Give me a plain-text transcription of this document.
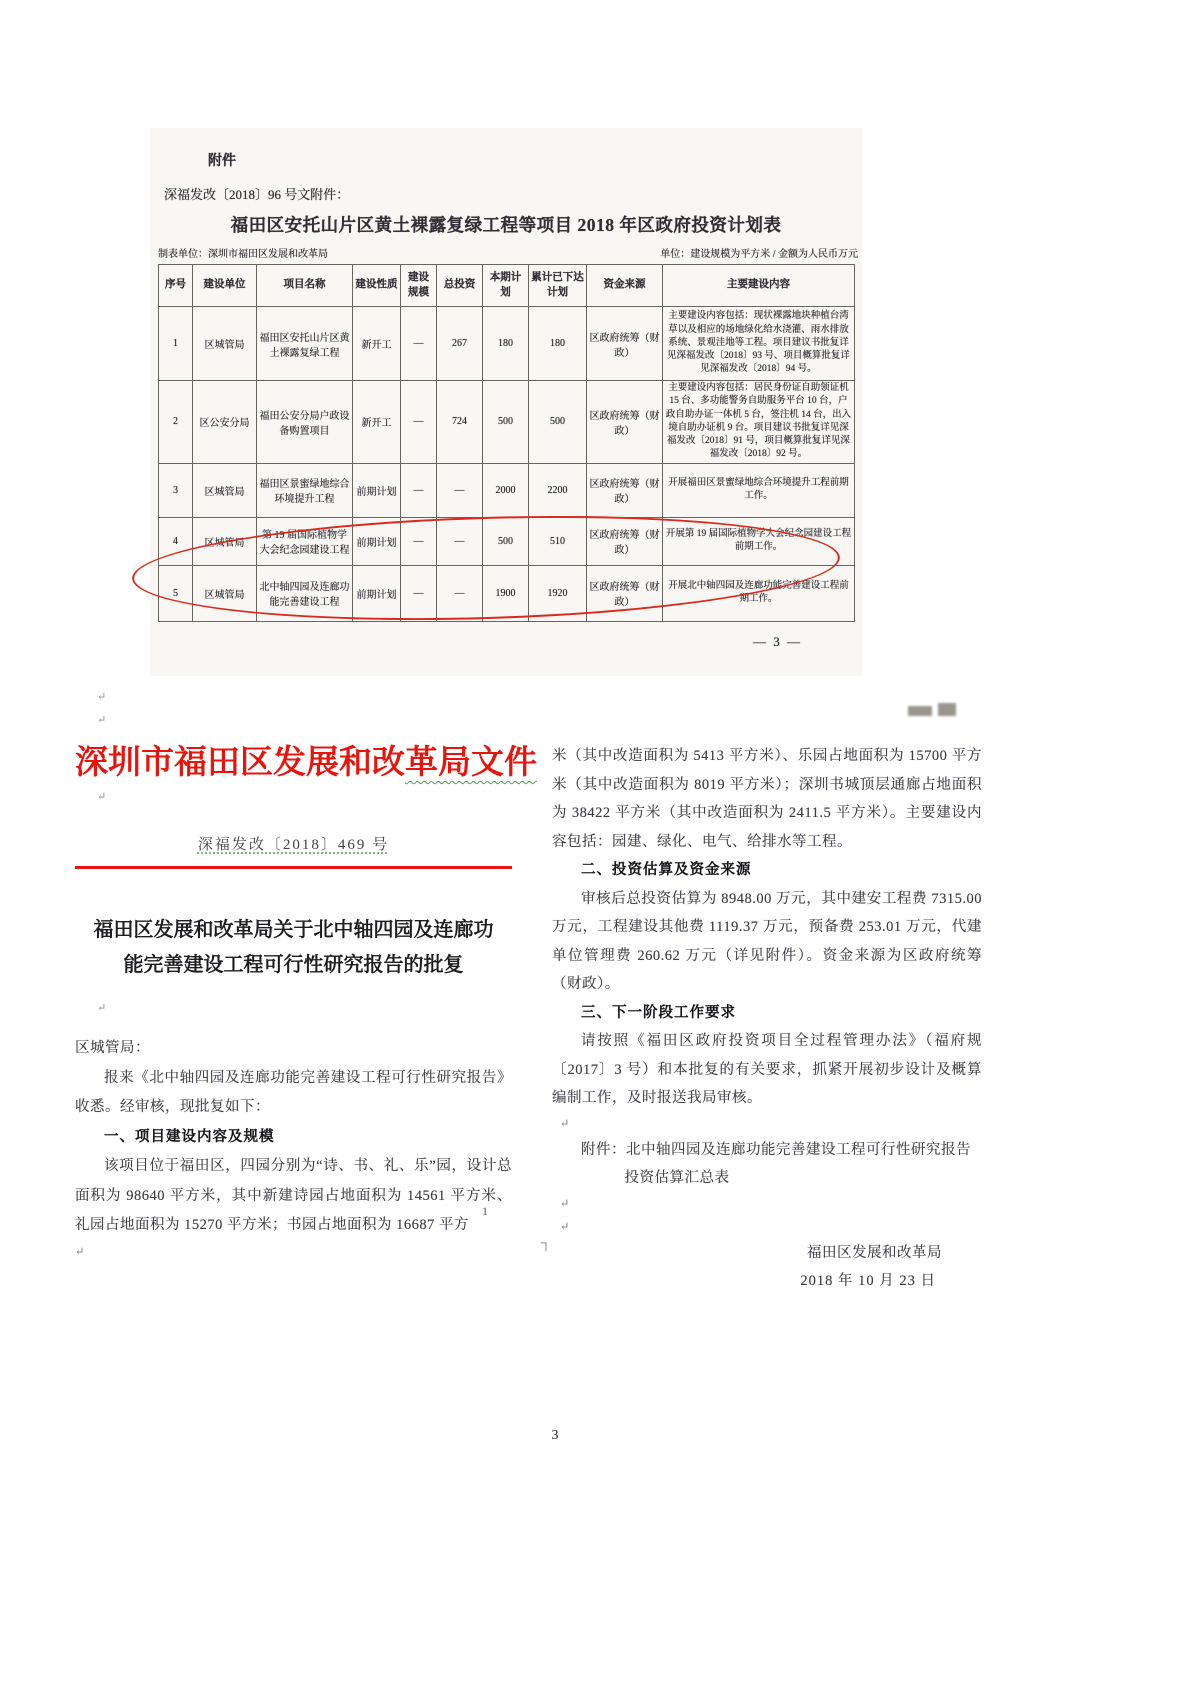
附件
深福发改〔2018〕96 号文附件：
福田区安托山片区黄土裸露复绿工程等项目 2018 年区政府投资计划表
制表单位：深圳市福田区发展和改革局	单位：建设规模为平方米 / 金额为人民币万元
序号	建设单位	项目名称	建设性质	建设规模	总投资	本期计划	累计已下达计划	资金来源	主要建设内容
1	区城管局	福田区安托山片区黄土裸露复绿工程	新开工	—	267	180	180	区政府统筹（财政）	主要建设内容包括：现状裸露地块种植台湾草以及相应的场地绿化给水浇灌、雨水排放系统、景观洼地等工程。项目建议书批复详见深福发改〔2018〕93 号、项目概算批复详见深福发改〔2018〕94 号。
2	区公安分局	福田公安分局户政设备购置项目	新开工	—	724	500	500	区政府统筹（财政）	主要建设内容包括：居民身份证自助领证机 15 台、多功能警务自助服务平台 10 台，户政自助办证一体机 5 台，签注机 14 台，出入境自助办证机 9 台。项目建议书批复详见深福发改〔2018〕91 号，项目概算批复详见深福发改〔2018〕92 号。
3	区城管局	福田区景蜜绿地综合环境提升工程	前期计划	—	—	2000	2200	区政府统筹（财政）	开展福田区景蜜绿地综合环境提升工程前期工作。
4	区城管局	第 19 届国际植物学大会纪念园建设工程	前期计划	—	—	500	510	区政府统筹（财政）	开展第 19 届国际植物学大会纪念园建设工程前期工作。
5	区城管局	北中轴四园及连廊功能完善建设工程	前期计划	—	—	1900	1920	区政府统筹（财政）	开展北中轴四园及连廊功能完善建设工程前期工作。
— 3 —
↵
↵
深圳市福田区发展和改革局文件
↵
深福发改〔2018〕469 号
福田区发展和改革局关于北中轴四园及连廊功
能完善建设工程可行性研究报告的批复
↵

区城管局：

报来《北中轴四园及连廊功能完善建设工程可行性研究报告》收悉。经审核，现批复如下：

一、项目建设内容及规模

该项目位于福田区，四园分别为“诗、书、礼、乐”园，设计总面积为 98640 平方米，其中新建诗园占地面积为 14561 平方米、礼园占地面积为 15270 平方米；书园占地面积为 16687 平方

↵

米（其中改造面积为 5413 平方米）、乐园占地面积为 15700 平方米（其中改造面积为 8019 平方米）；深圳书城顶层通廊占地面积为 38422 平方米（其中改造面积为 2411.5 平方米）。主要建设内容包括：园建、绿化、电气、给排水等工程。

二、投资估算及资金来源

审核后总投资估算为 8948.00 万元，其中建安工程费 7315.00 万元，工程建设其他费 1119.37 万元，预备费 253.01 万元，代建单位管理费 260.62 万元（详见附件）。资金来源为区政府统筹（财政）。

三、下一阶段工作要求

请按照《福田区政府投资项目全过程管理办法》（福府规〔2017〕3 号）和本批复的有关要求，抓紧开展初步设计及概算编制工作，及时报送我局审核。

↵

附件：北中轴四园及连廊功能完善建设工程可行性研究报告

投资估算汇总表

↵
↵

福田区发展和改革局

2018 年 10 月 23 日

1
┐
3
